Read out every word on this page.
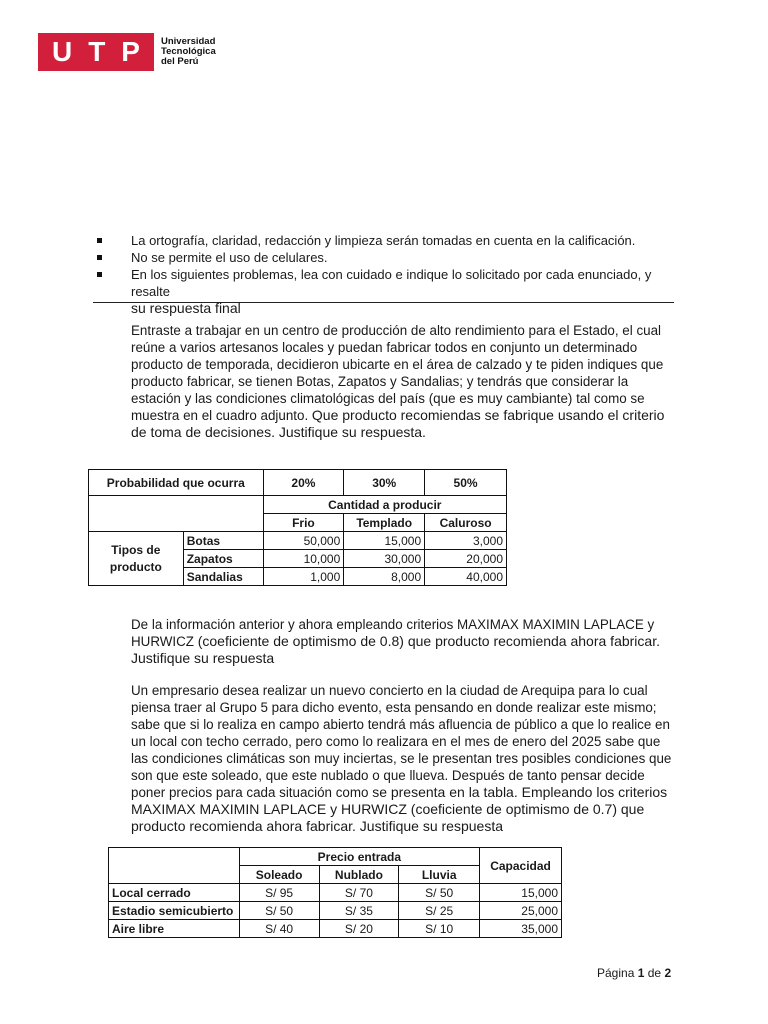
U T P Universidad
Tecnológica
del Perú
La ortografía, claridad, redacción y limpieza serán tomadas en cuenta en la calificación.
No se permite el uso de celulares.
En los siguientes problemas, lea con cuidado e indique lo solicitado por cada enunciado, y resalte
su respuesta final
Entraste a trabajar en un centro de producción de alto rendimiento para el Estado, el cual reúne a varios artesanos locales y puedan fabricar todos en conjunto un determinado producto de temporada, decidieron ubicarte en el área de calzado y te piden indiques que producto fabricar, se tienen Botas, Zapatos y Sandalias; y tendrás que considerar la estación y las condiciones climatológicas del país (que es muy cambiante) tal como se muestra en el cuadro adjunto. Que producto recomiendas se fabrique usando el criterio de toma de decisiones. Justifique su respuesta.
Probabilidad que ocurra		20%	30%	50%
		Cantidad a producir		
		Frio	Templado	Caluroso
Tipos de producto	Botas	50,000	15,000	3,000
	Zapatos	10,000	30,000	20,000
	Sandalias	1,000	8,000	40,000
De la información anterior y ahora empleando criterios MAXIMAX MAXIMIN LAPLACE y HURWICZ (coeficiente de optimismo de 0.8) que producto recomienda ahora fabricar. Justifique su respuesta
Un empresario desea realizar un nuevo concierto en la ciudad de Arequipa para lo cual piensa traer al Grupo 5 para dicho evento, esta pensando en donde realizar este mismo; sabe que si lo realiza en campo abierto tendrá más afluencia de público a que lo realice en un local con techo cerrado, pero como lo realizara en el mes de enero del 2025 sabe que las condiciones climáticas son muy inciertas, se le presentan tres posibles condiciones que son que este soleado, que este nublado o que llueva. Después de tanto pensar decide poner precios para cada situación como se presenta en la tabla. Empleando los criterios MAXIMAX MAXIMIN LAPLACE y HURWICZ (coeficiente de optimismo de 0.7) que producto recomienda ahora fabricar. Justifique su respuesta
	Precio entrada			Capacidad
	Soleado	Nublado	Lluvia	
Local cerrado	S/ 95	S/ 70	S/ 50	15,000
Estadio semicubierto	S/ 50	S/ 35	S/ 25	25,000
Aire libre	S/ 40	S/ 20	S/ 10	35,000
Página 1 de 2
